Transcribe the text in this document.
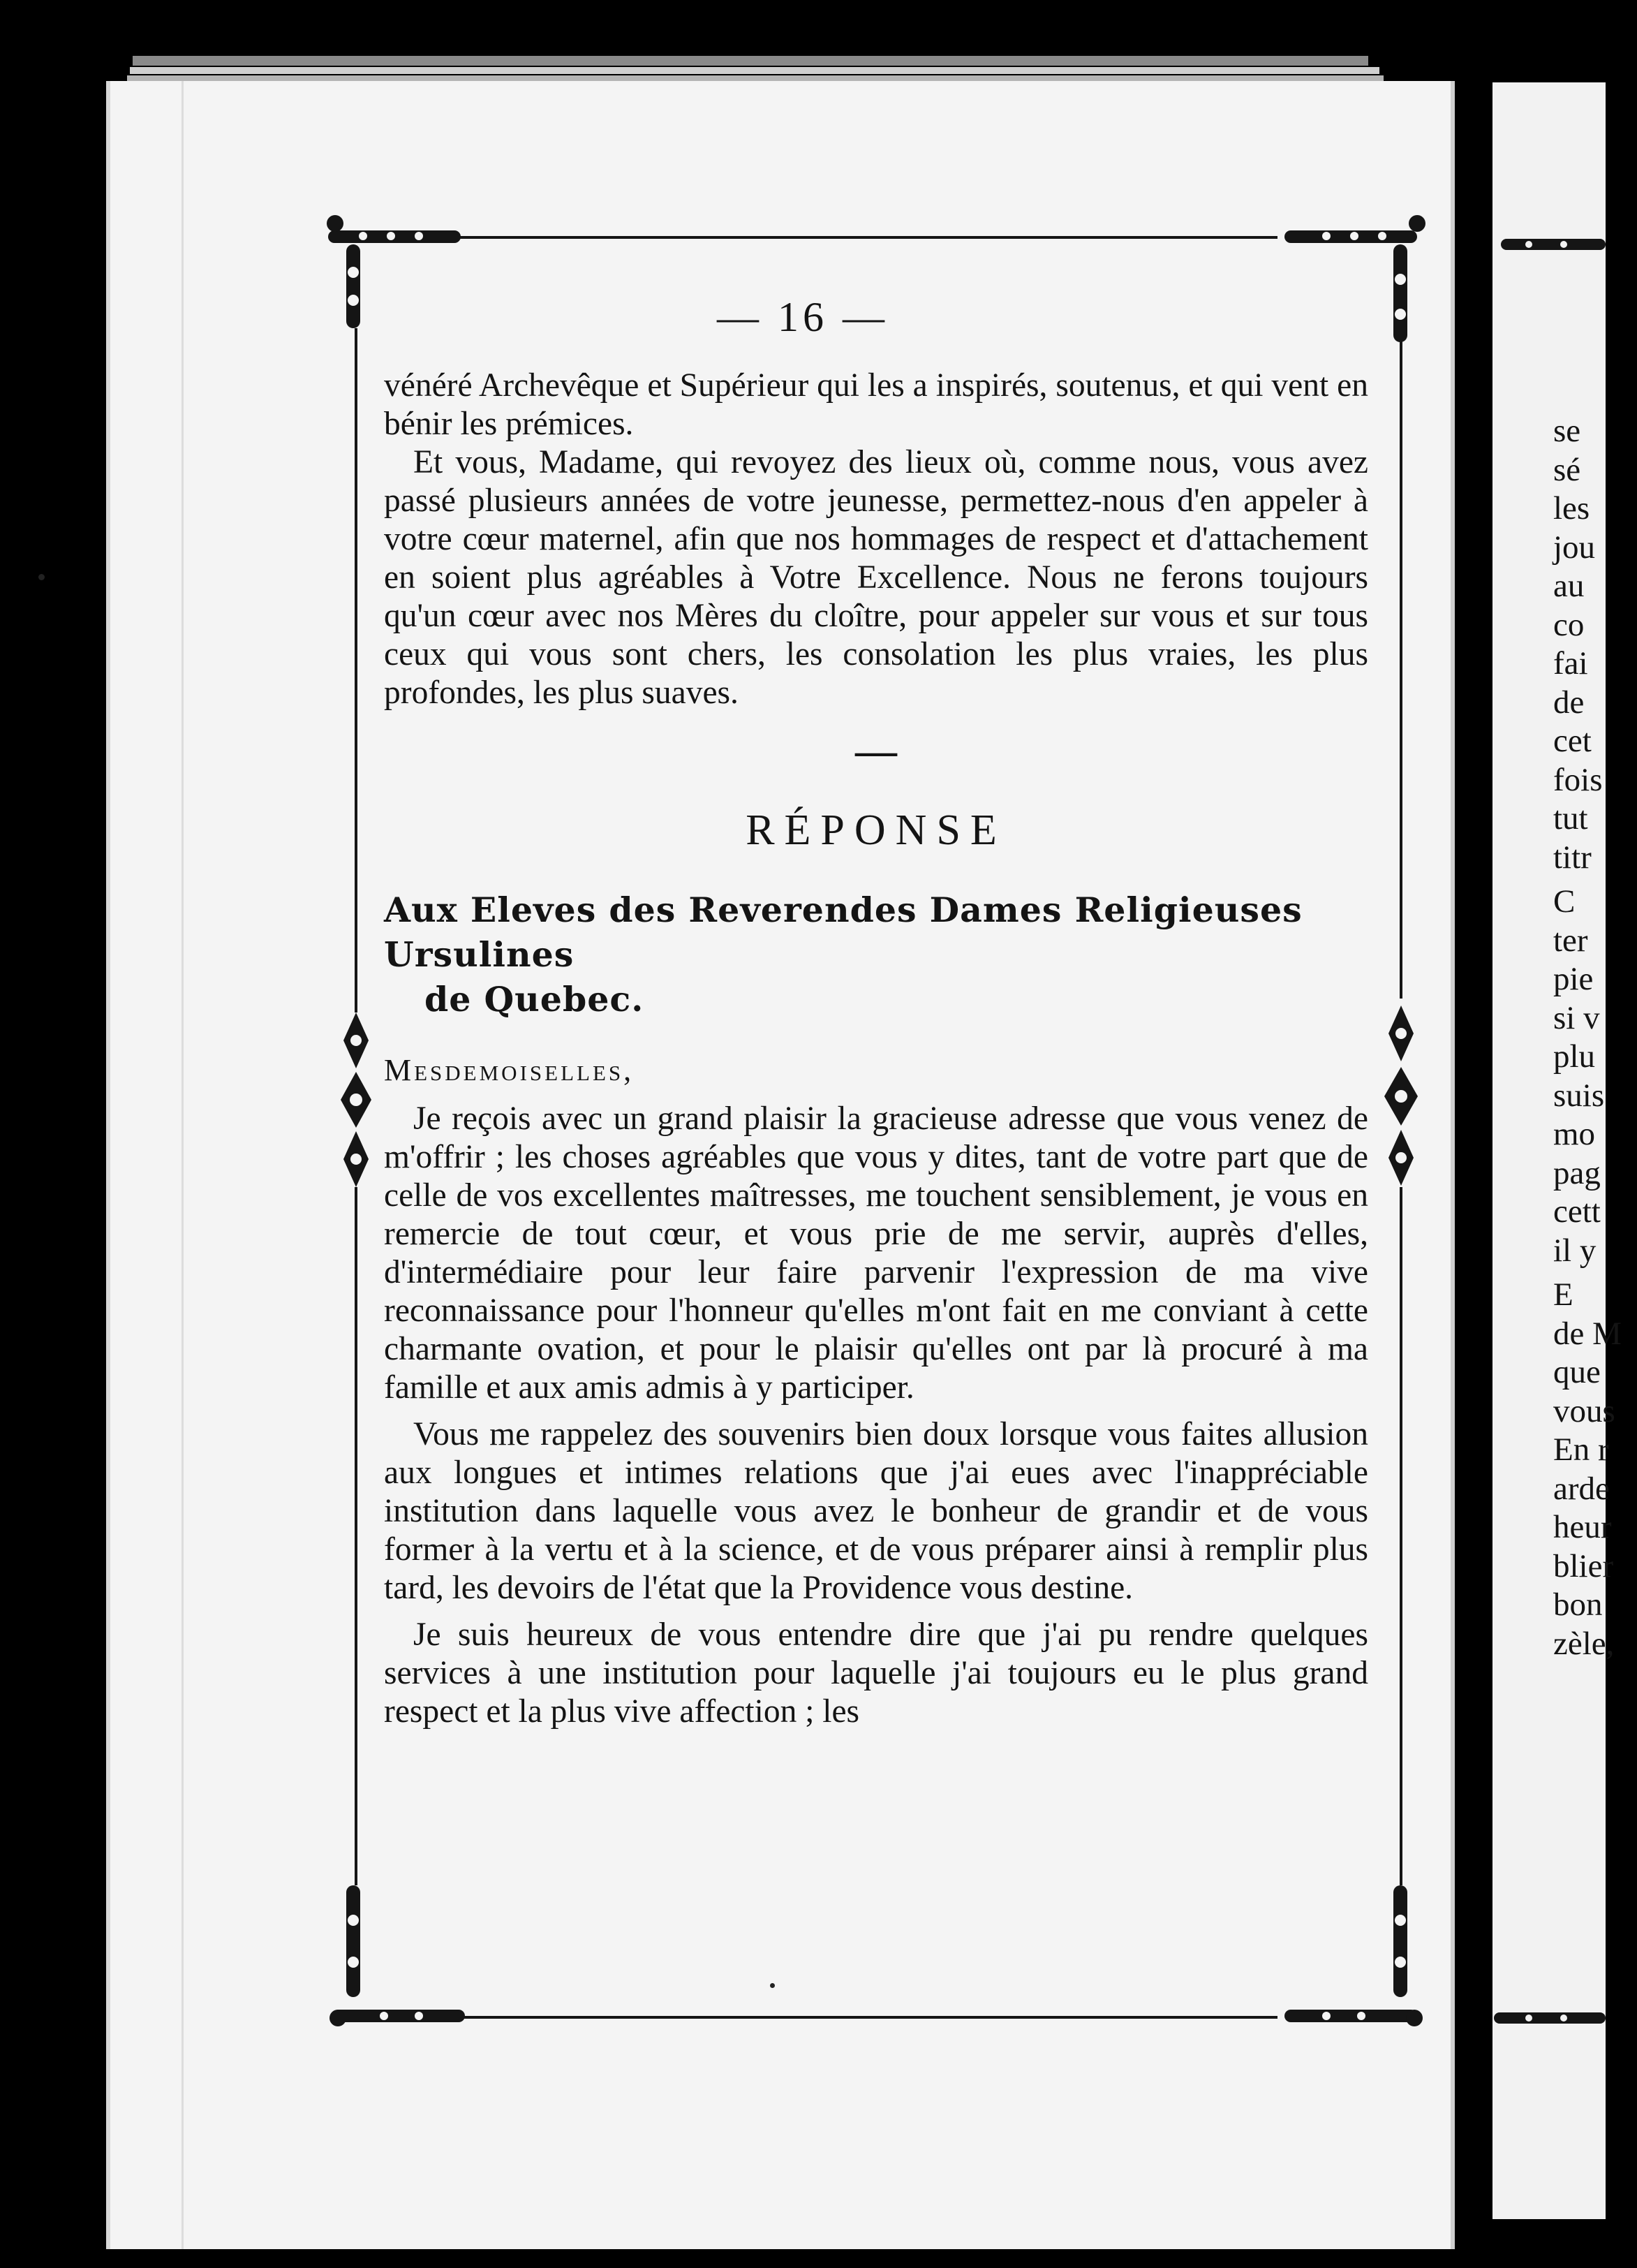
— 16 —

vénéré Archevêque et Supérieur qui les a inspirés, soutenus, et qui vent en bénir les prémices.

Et vous, Madame, qui revoyez des lieux où, comme nous, vous avez passé plusieurs années de votre jeunesse, permettez-nous d'en appeler à votre cœur maternel, afin que nos hommages de respect et d'attachement en soient plus agréables à Votre Excellence. Nous ne ferons toujours qu'un cœur avec nos Mères du cloître, pour appeler sur vous et sur tous ceux qui vous sont chers, les consolation les plus vraies, les plus profondes, les plus suaves.

—
RÉPONSE
Aux Eleves des Reverendes Dames Religieuses Ursulines
de Quebec.
Mesdemoiselles,

Je reçois avec un grand plaisir la gracieuse adresse que vous venez de m'offrir ; les choses agréables que vous y dites, tant de votre part que de celle de vos excellentes maîtresses, me touchent sensiblement, je vous en remercie de tout cœur, et vous prie de me servir, auprès d'elles, d'intermédiaire pour leur faire parvenir l'expression de ma vive reconnaissance pour l'honneur qu'elles m'ont fait en me conviant à cette charmante ovation, et pour le plaisir qu'elles ont par là procuré à ma famille et aux amis admis à y participer.

Vous me rappelez des souvenirs bien doux lorsque vous faites allusion aux longues et intimes relations que j'ai eues avec l'inappréciable institution dans laquelle vous avez le bonheur de grandir et de vous former à la vertu et à la science, et de vous préparer ainsi à remplir plus tard, les devoirs de l'état que la Providence vous destine.

Je suis heureux de vous entendre dire que j'ai pu rendre quelques services à une institution pour laquelle j'ai toujours eu le plus grand respect et la plus vive affection ; les

se
sé
les
jou
au
co
fai
de
cet
fois
tut
titr
C
ter
pie
si v
plu
suis
mo
pag
cett
il y
E
de M
que
vous
En r
arde
heur
blier
bon
zèle,
